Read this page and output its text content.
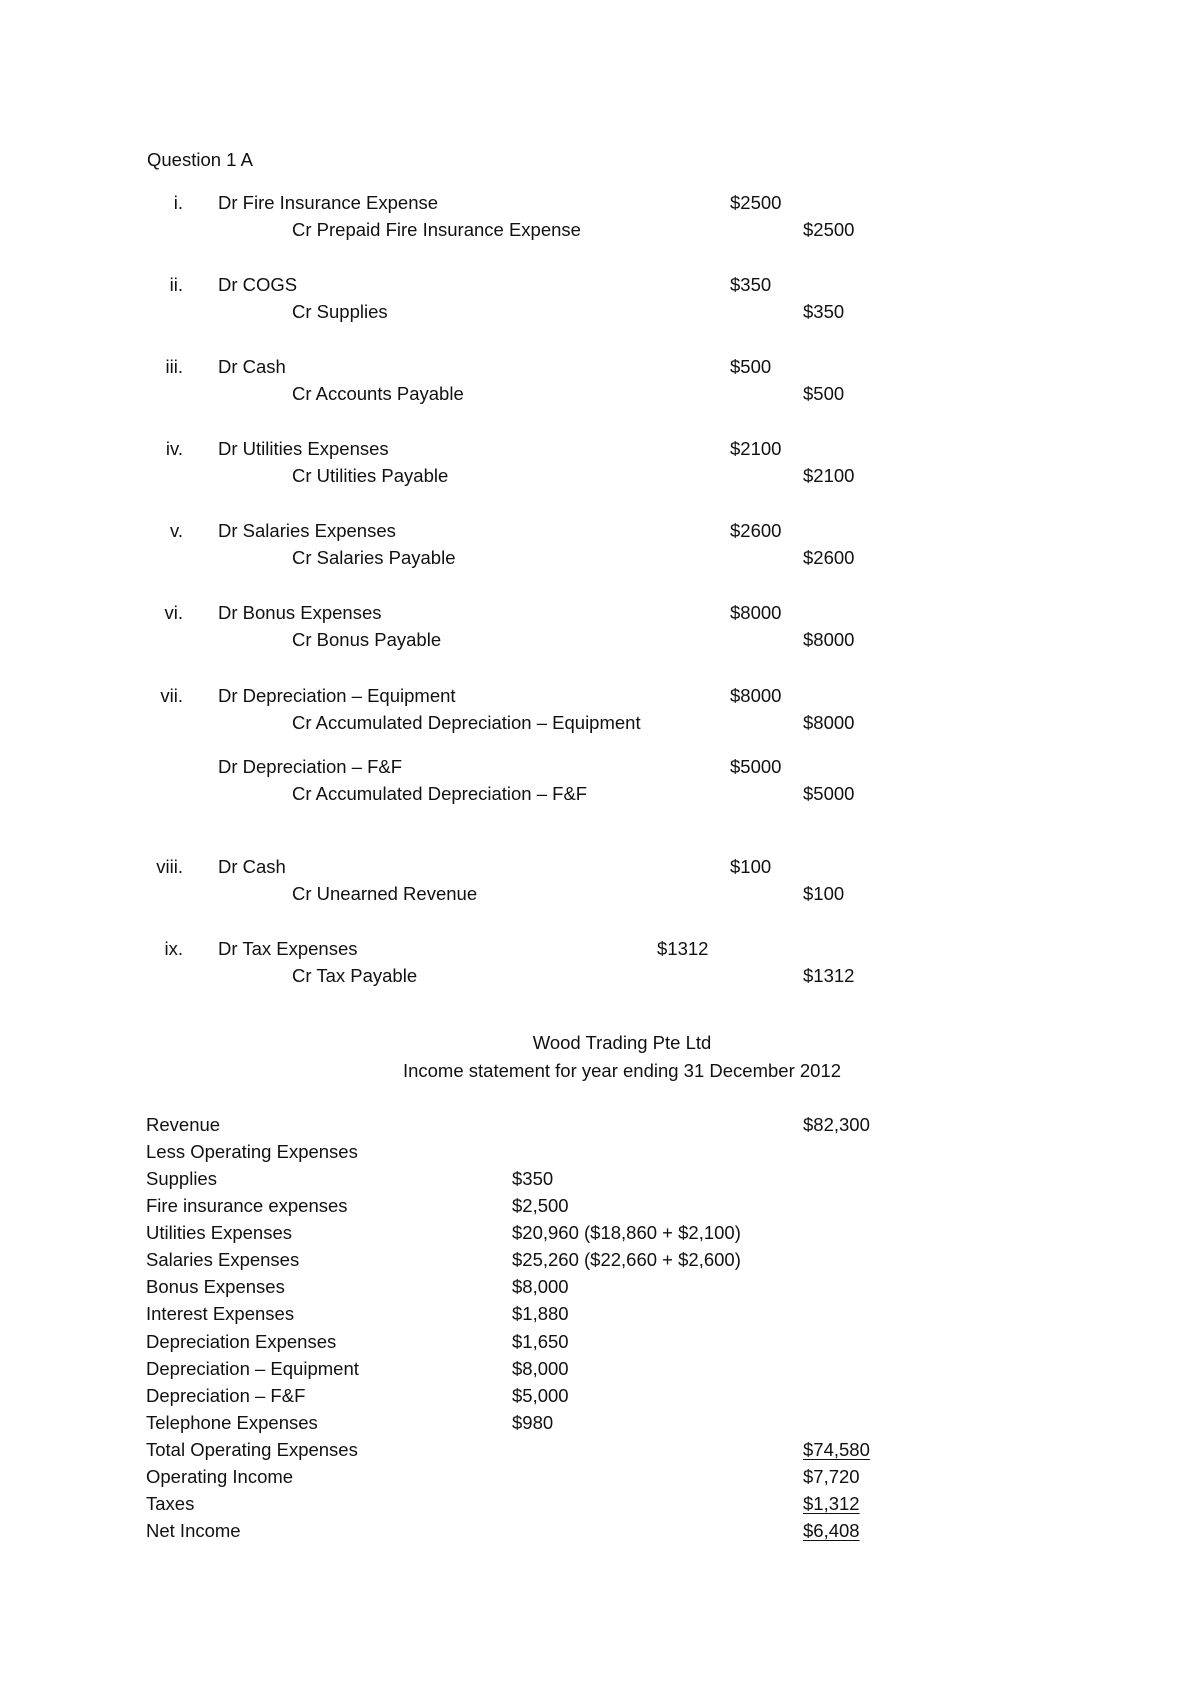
Question 1 A
i. Dr Fire Insurance Expense	$2500
Cr Prepaid Fire Insurance Expense	$2500
ii. Dr COGS	$350
Cr Supplies	$350
iii. Dr Cash	$500
Cr Accounts Payable	$500
iv. Dr Utilities Expenses	$2100
Cr Utilities Payable	$2100
v. Dr Salaries Expenses	$2600
Cr Salaries Payable	$2600
vi. Dr Bonus Expenses	$8000
Cr Bonus Payable	$8000
vii. Dr Depreciation – Equipment	$8000
Cr Accumulated Depreciation – Equipment	$8000
Dr Depreciation – F&F	$5000
Cr Accumulated Depreciation – F&F	$5000
viii. Dr Cash	$100
Cr Unearned Revenue	$100
ix. Dr Tax Expenses	$1312
Cr Tax Payable	$1312
Wood Trading Pte Ltd
Income statement for year ending 31 December 2012
Revenue	$82,300
Less Operating Expenses
Supplies	$350
Fire insurance expenses	$2,500
Utilities Expenses	$20,960 ($18,860 + $2,100)
Salaries Expenses	$25,260 ($22,660 + $2,600)
Bonus Expenses	$8,000
Interest Expenses	$1,880
Depreciation Expenses	$1,650
Depreciation – Equipment	$8,000
Depreciation – F&F	$5,000
Telephone Expenses	$980
Total Operating Expenses	$74,580
Operating Income	$7,720
Taxes	$1,312
Net Income	$6,408
